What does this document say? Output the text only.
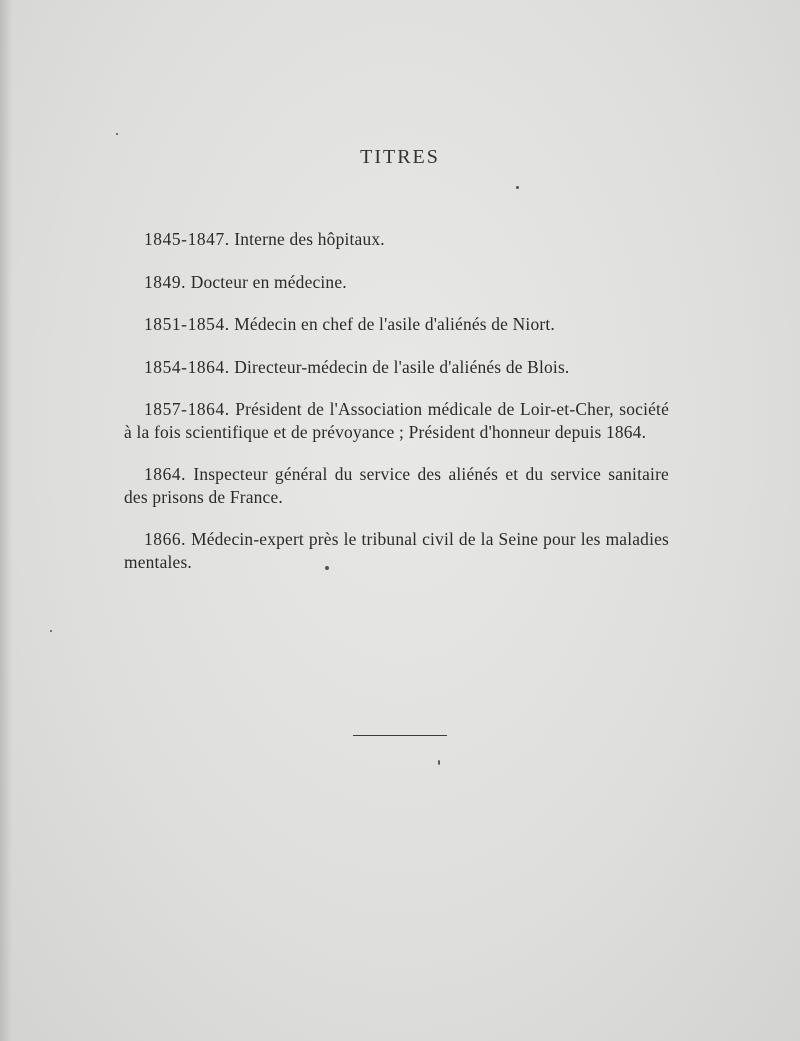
TITRES

1845-1847. Interne des hôpitaux.

1849. Docteur en médecine.

1851-1854. Médecin en chef de l'asile d'aliénés de Niort.

1854-1864. Directeur-médecin de l'asile d'aliénés de Blois.

1857-1864. Président de l'Association médicale de Loir-et-Cher, société à la fois scientifique et de prévoyance ; Président d'honneur depuis 1864.

1864. Inspecteur général du service des aliénés et du service sanitaire des prisons de France.

1866. Médecin-expert près le tribunal civil de la Seine pour les maladies mentales.
